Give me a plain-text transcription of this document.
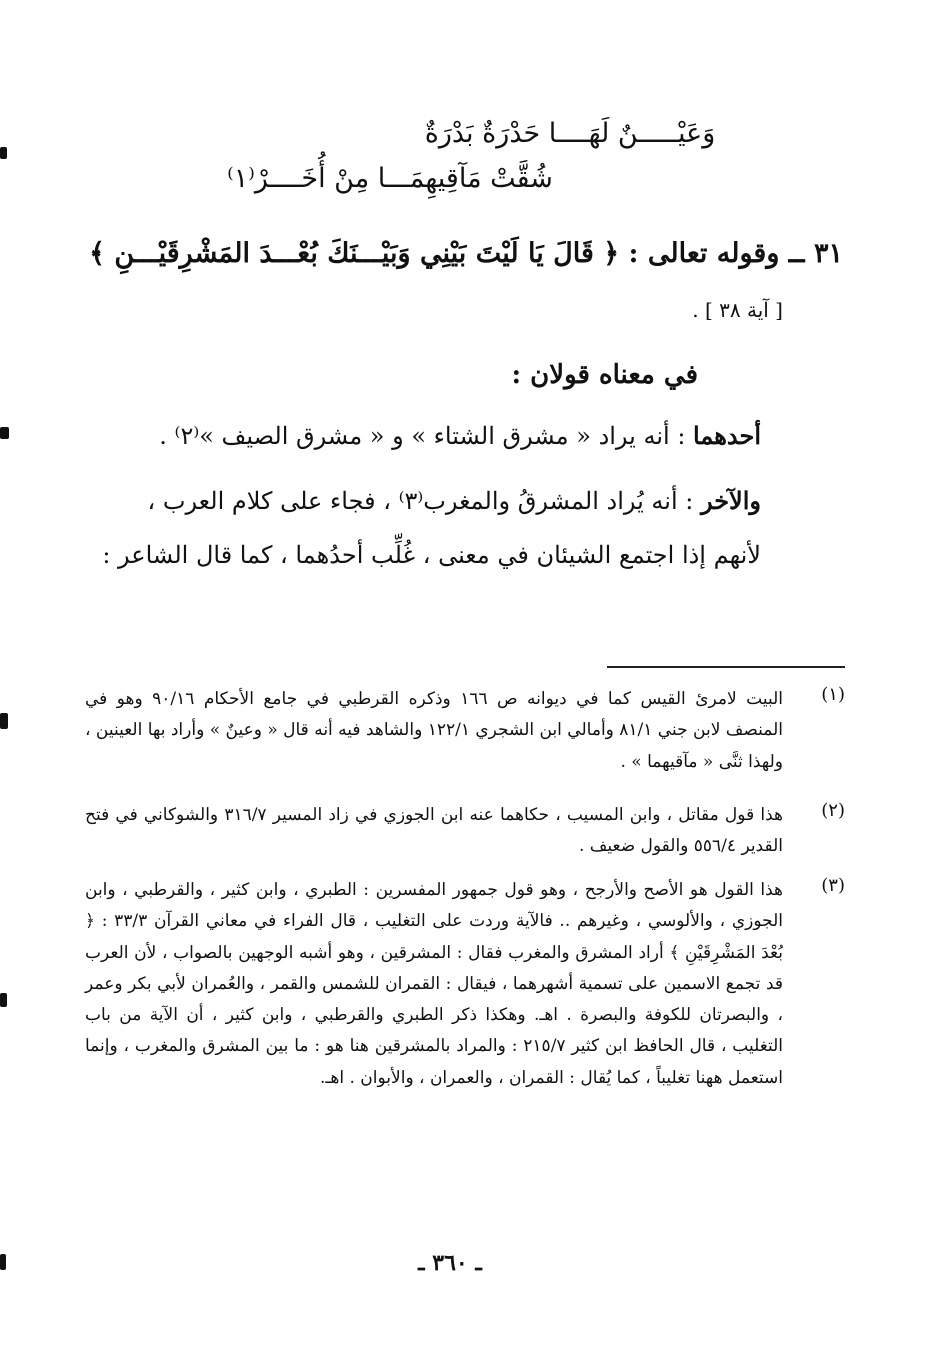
وَعَيْـــــنٌ لَهَــــا حَدْرَةٌ بَدْرَةٌ
شُقَّتْ مَآقِيهِمَـــا مِنْ أُخَــــرْ⁽١⁾
٣١ ــ وقوله تعالى : ﴿ قَالَ يَا لَيْتَ بَيْنِي وَبَيْـــنَكَ بُعْـــدَ المَشْرِقَيْـــنِ ﴾
[ آية ٣٨ ] .
في معناه قولان :
أحدهما : أنه يراد « مشرق الشتاء » و « مشرق الصيف »⁽٢⁾ .
والآخر : أنه يُراد المشرقُ والمغرب⁽٣⁾ ، فجاء على كلام العرب ،
لأنهم إذا اجتمع الشيئان في معنى ، غُلِّب أحدُهما ، كما قال الشاعر :
(١)
البيت لامرئ القيس كما في ديوانه ص ١٦٦ وذكره القرطبي في جامع الأحكام ٩٠/١٦ وهو في المنصف لابن جني ٨١/١ وأمالي ابن الشجري ١٢٢/١ والشاهد فيه أنه قال « وعينٌ » وأراد بها العينين ، ولهذا ثنَّى « مآقيهما » .
(٢)
هذا قول مقاتل ، وابن المسيب ، حكاهما عنه ابن الجوزي في زاد المسير ٣١٦/٧ والشوكاني في فتح القدير ٥٥٦/٤ والقول ضعيف .
(٣)
هذا القول هو الأصح والأرجح ، وهو قول جمهور المفسرين : الطبري ، وابن كثير ، والقرطبي ، وابن الجوزي ، والألوسي ، وغيرهم .. فالآية وردت على التغليب ، قال الفراء في معاني القرآن ٣٣/٣ : ﴿ بُعْدَ المَشْرِقَيْنِ ﴾ أراد المشرق والمغرب فقال : المشرقين ، وهو أشبه الوجهين بالصواب ، لأن العرب قد تجمع الاسمين على تسمية أشهرهما ، فيقال : القمران للشمس والقمر ، والعُمران لأبي بكر وعمر ، والبصرتان للكوفة والبصرة . اهـ. وهكذا ذكر الطبري والقرطبي ، وابن كثير ، أن الآية من باب التغليب ، قال الحافظ ابن كثير ٢١٥/٧ : والمراد بالمشرقين هنا هو : ما بين المشرق والمغرب ، وإنما استعمل ههنا تغليباً ، كما يُقال : القمران ، والعمران ، والأبوان . اهـ.
ـ ٣٦٠ ـ
